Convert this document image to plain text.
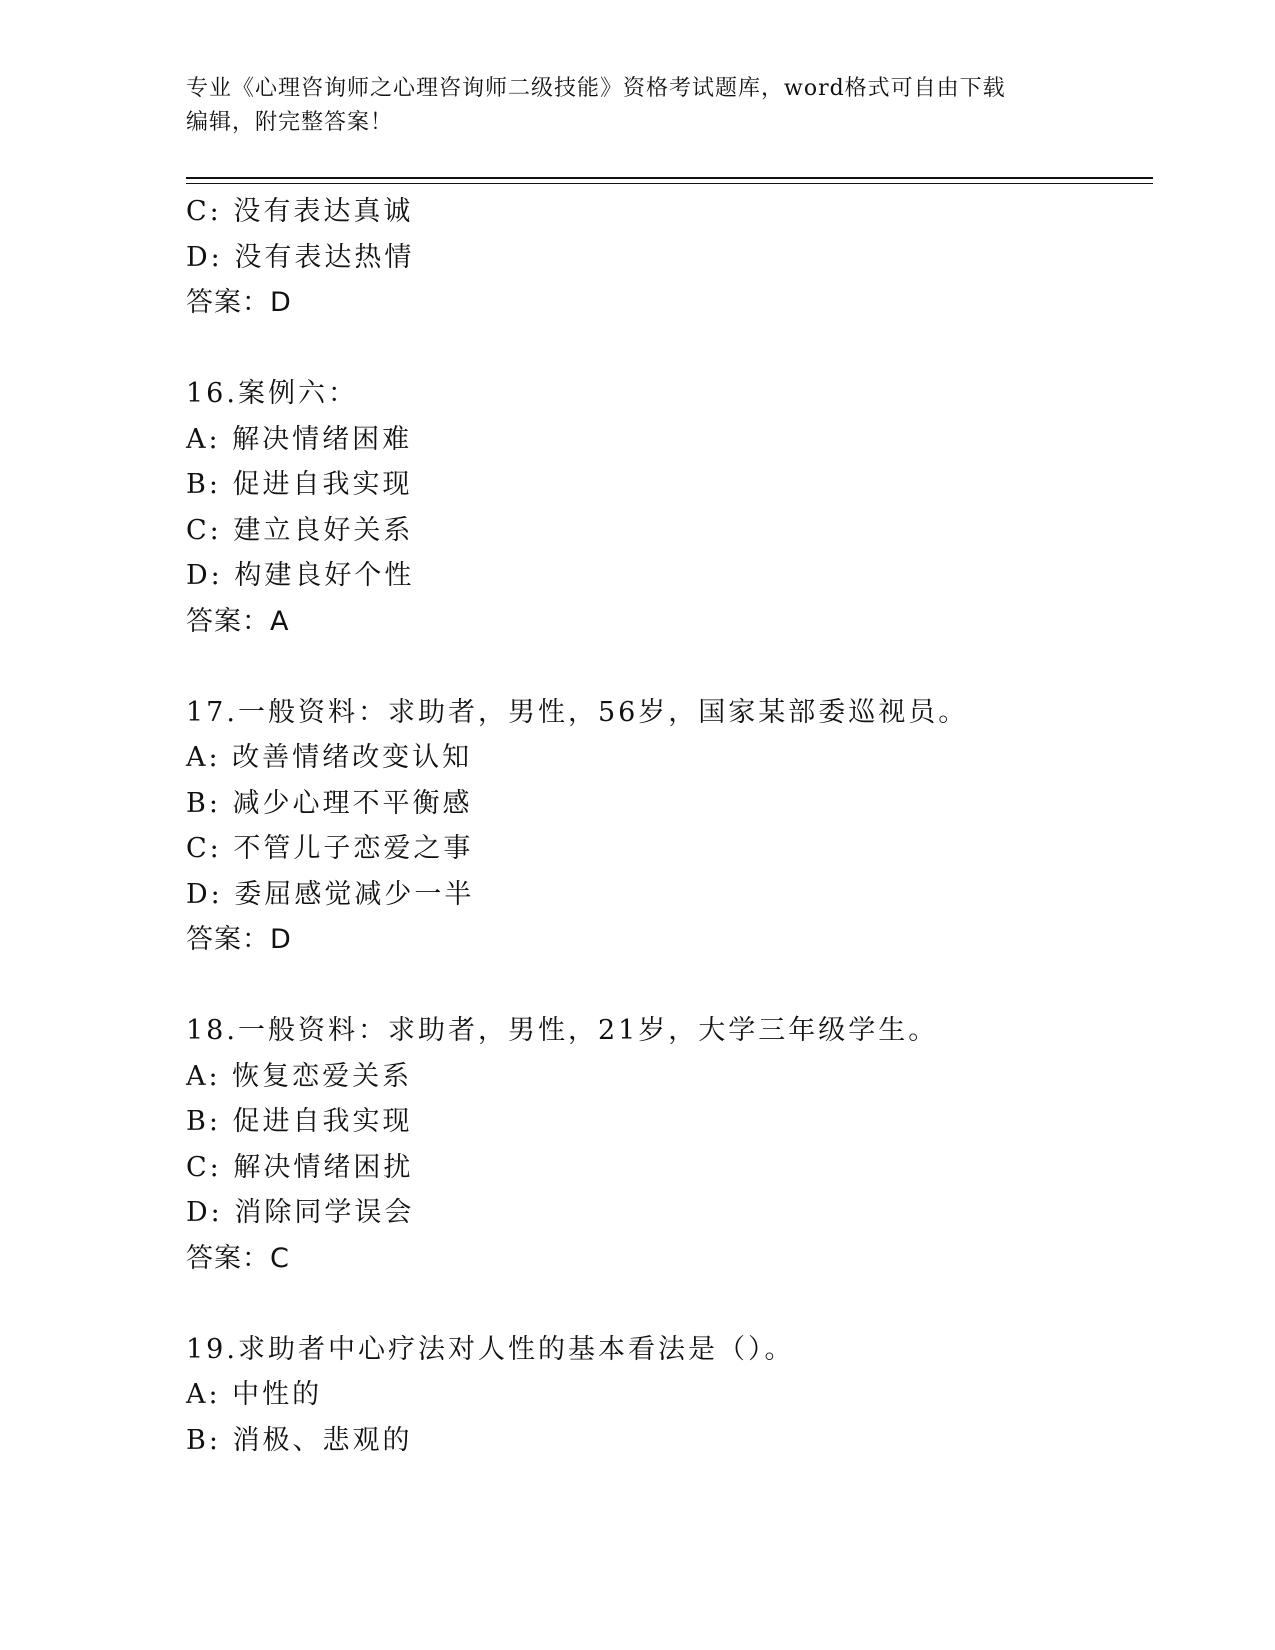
专业《心理咨询师之心理咨询师二级技能》资格考试题库，word格式可自由下载
编辑，附完整答案！
C: 没有表达真诚
D: 没有表达热情
答案：D
16.案例六：
A: 解决情绪困难
B: 促进自我实现
C: 建立良好关系
D: 构建良好个性
答案：A
17.一般资料：求助者，男性，56岁，国家某部委巡视员。
A: 改善情绪改变认知
B: 减少心理不平衡感
C: 不管儿子恋爱之事
D: 委屈感觉减少一半
答案：D
18.一般资料：求助者，男性，21岁，大学三年级学生。
A: 恢复恋爱关系
B: 促进自我实现
C: 解决情绪困扰
D: 消除同学误会
答案：C
19.求助者中心疗法对人性的基本看法是（）。
A: 中性的
B: 消极、悲观的
